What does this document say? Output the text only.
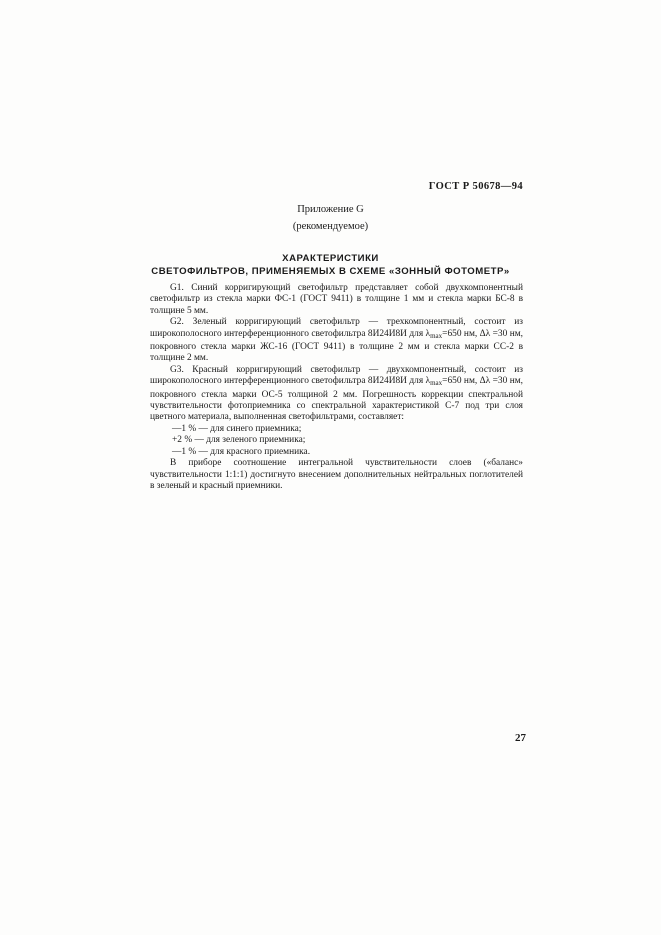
ГОСТ Р 50678—94
Приложение G
(рекомендуемое)
ХАРАКТЕРИСТИКИ
СВЕТОФИЛЬТРОВ, ПРИМЕНЯЕМЫХ В СХЕМЕ «ЗОННЫЙ ФОТОМЕТР»

G1. Синий корригирующий светофильтр представляет собой двухкомпонентный светофильтр из стекла марки ФС-1 (ГОСТ 9411) в толщине 1 мм и стекла марки БС-8 в толщине 5 мм.

G2. Зеленый корригирующий светофильтр — трехкомпонентный, состоит из широкополосного интерференционного светофильтра 8И24И8И для $\lambda_{max}=650$ нм, Δλ =30 нм, покровного стекла марки ЖС-16 (ГОСТ 9411) в толщине 2 мм и стекла марки СС-2 в толщине 2 мм.

G3. Красный корригирующий светофильтр — двухкомпонентный, состоит из широкополосного интерференционного светофильтра 8И24И8И для $\lambda_{max}=650$ нм, Δλ =30 нм, покровного стекла марки ОС-5 толщиной 2 мм. Погрешность коррекции спектральной чувствительности фотоприемника со спектральной характеристикой С-7 под три слоя цветного материала, выполненная светофильтрами, составляет:

—1 % — для синего приемника;

+2 % — для зеленого приемника;

—1 % — для красного приемника.

В приборе соотношение интегральной чувствительности слоев («баланс» чувствительности 1:1:1) достигнуто внесением дополнительных нейтральных поглотителей в зеленый и красный приемники.

27
